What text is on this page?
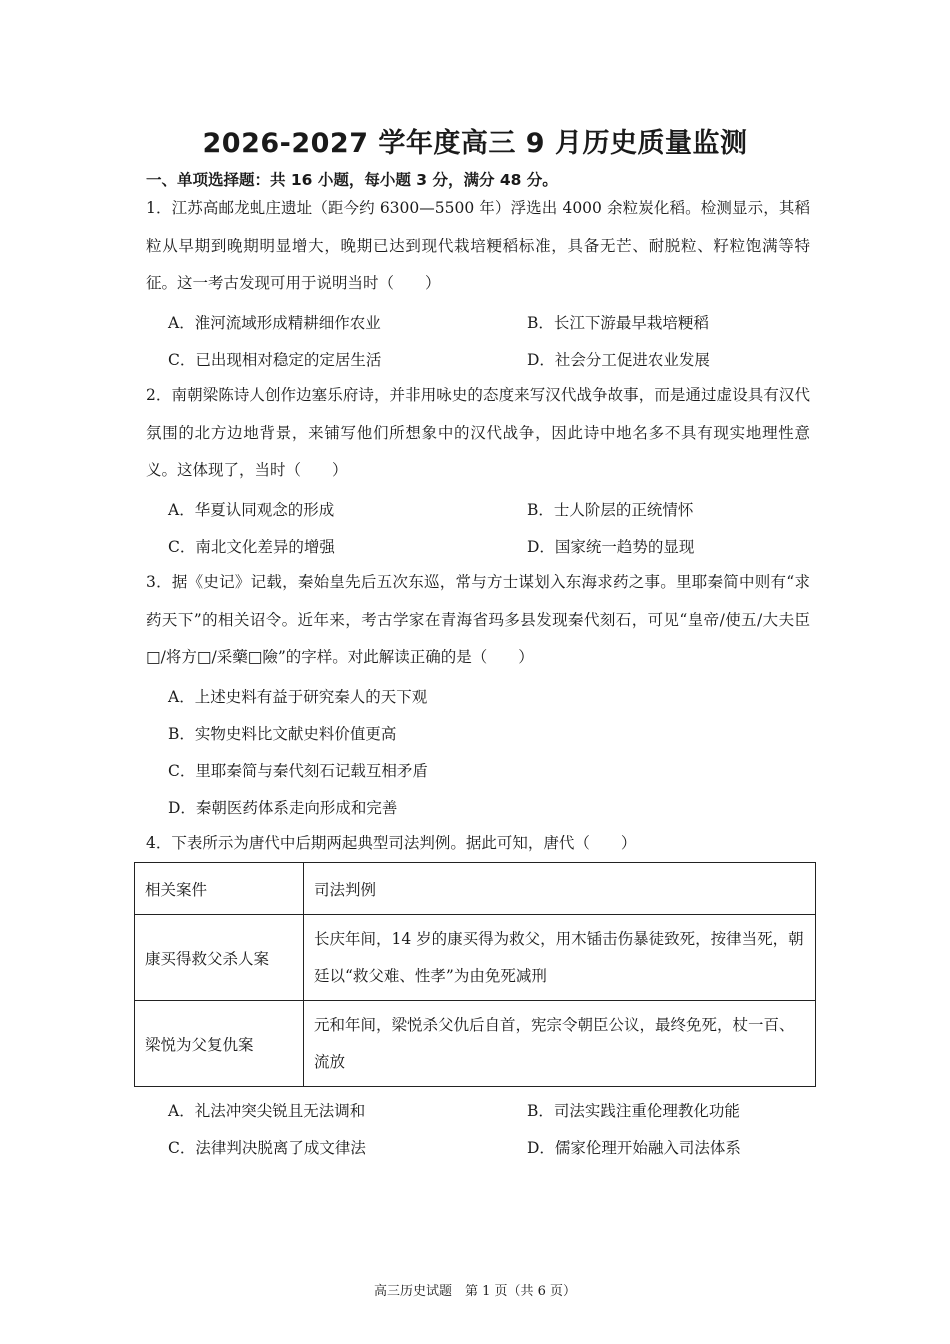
2026-2027 学年度高三 9 月历史质量监测
一、单项选择题：共 16 小题，每小题 3 分，满分 48 分。
1．江苏高邮龙虬庄遗址（距今约 6300—5500 年）浮选出 4000 余粒炭化稻。检测显示，其稻粒从早期到晚期明显增大，晚期已达到现代栽培粳稻标准，具备无芒、耐脱粒、籽粒饱满等特征。这一考古发现可用于说明当时（　　）
A．淮河流域形成精耕细作农业	B．长江下游最早栽培粳稻
C．已出现相对稳定的定居生活	D．社会分工促进农业发展
2．南朝梁陈诗人创作边塞乐府诗，并非用咏史的态度来写汉代战争故事，而是通过虚设具有汉代氛围的北方边地背景，来铺写他们所想象中的汉代战争，因此诗中地名多不具有现实地理性意义。这体现了，当时（　　）
A．华夏认同观念的形成	B．士人阶层的正统情怀
C．南北文化差异的增强	D．国家统一趋势的显现
3．据《史记》记载，秦始皇先后五次东巡，常与方士谋划入东海求药之事。里耶秦简中则有“求药天下”的相关诏令。近年来，考古学家在青海省玛多县发现秦代刻石，可见“皇帝/使五/大夫臣□/将方□/采藥□險”的字样。对此解读正确的是（　　）
A．上述史料有益于研究秦人的天下观
B．实物史料比文献史料价值更高
C．里耶秦简与秦代刻石记载互相矛盾
D．秦朝医药体系走向形成和完善
4．下表所示为唐代中后期两起典型司法判例。据此可知，唐代（　　）
相关案件	司法判例
康买得救父杀人案	长庆年间，14 岁的康买得为救父，用木锸击伤暴徒致死，按律当死，朝廷以“救父难、性孝”为由免死减刑
梁悦为父复仇案	元和年间，梁悦杀父仇后自首，宪宗令朝臣公议，最终免死，杖一百、流放
A．礼法冲突尖锐且无法调和	B．司法实践注重伦理教化功能
C．法律判决脱离了成文律法	D．儒家伦理开始融入司法体系
高三历史试题　第 1 页（共 6 页）
